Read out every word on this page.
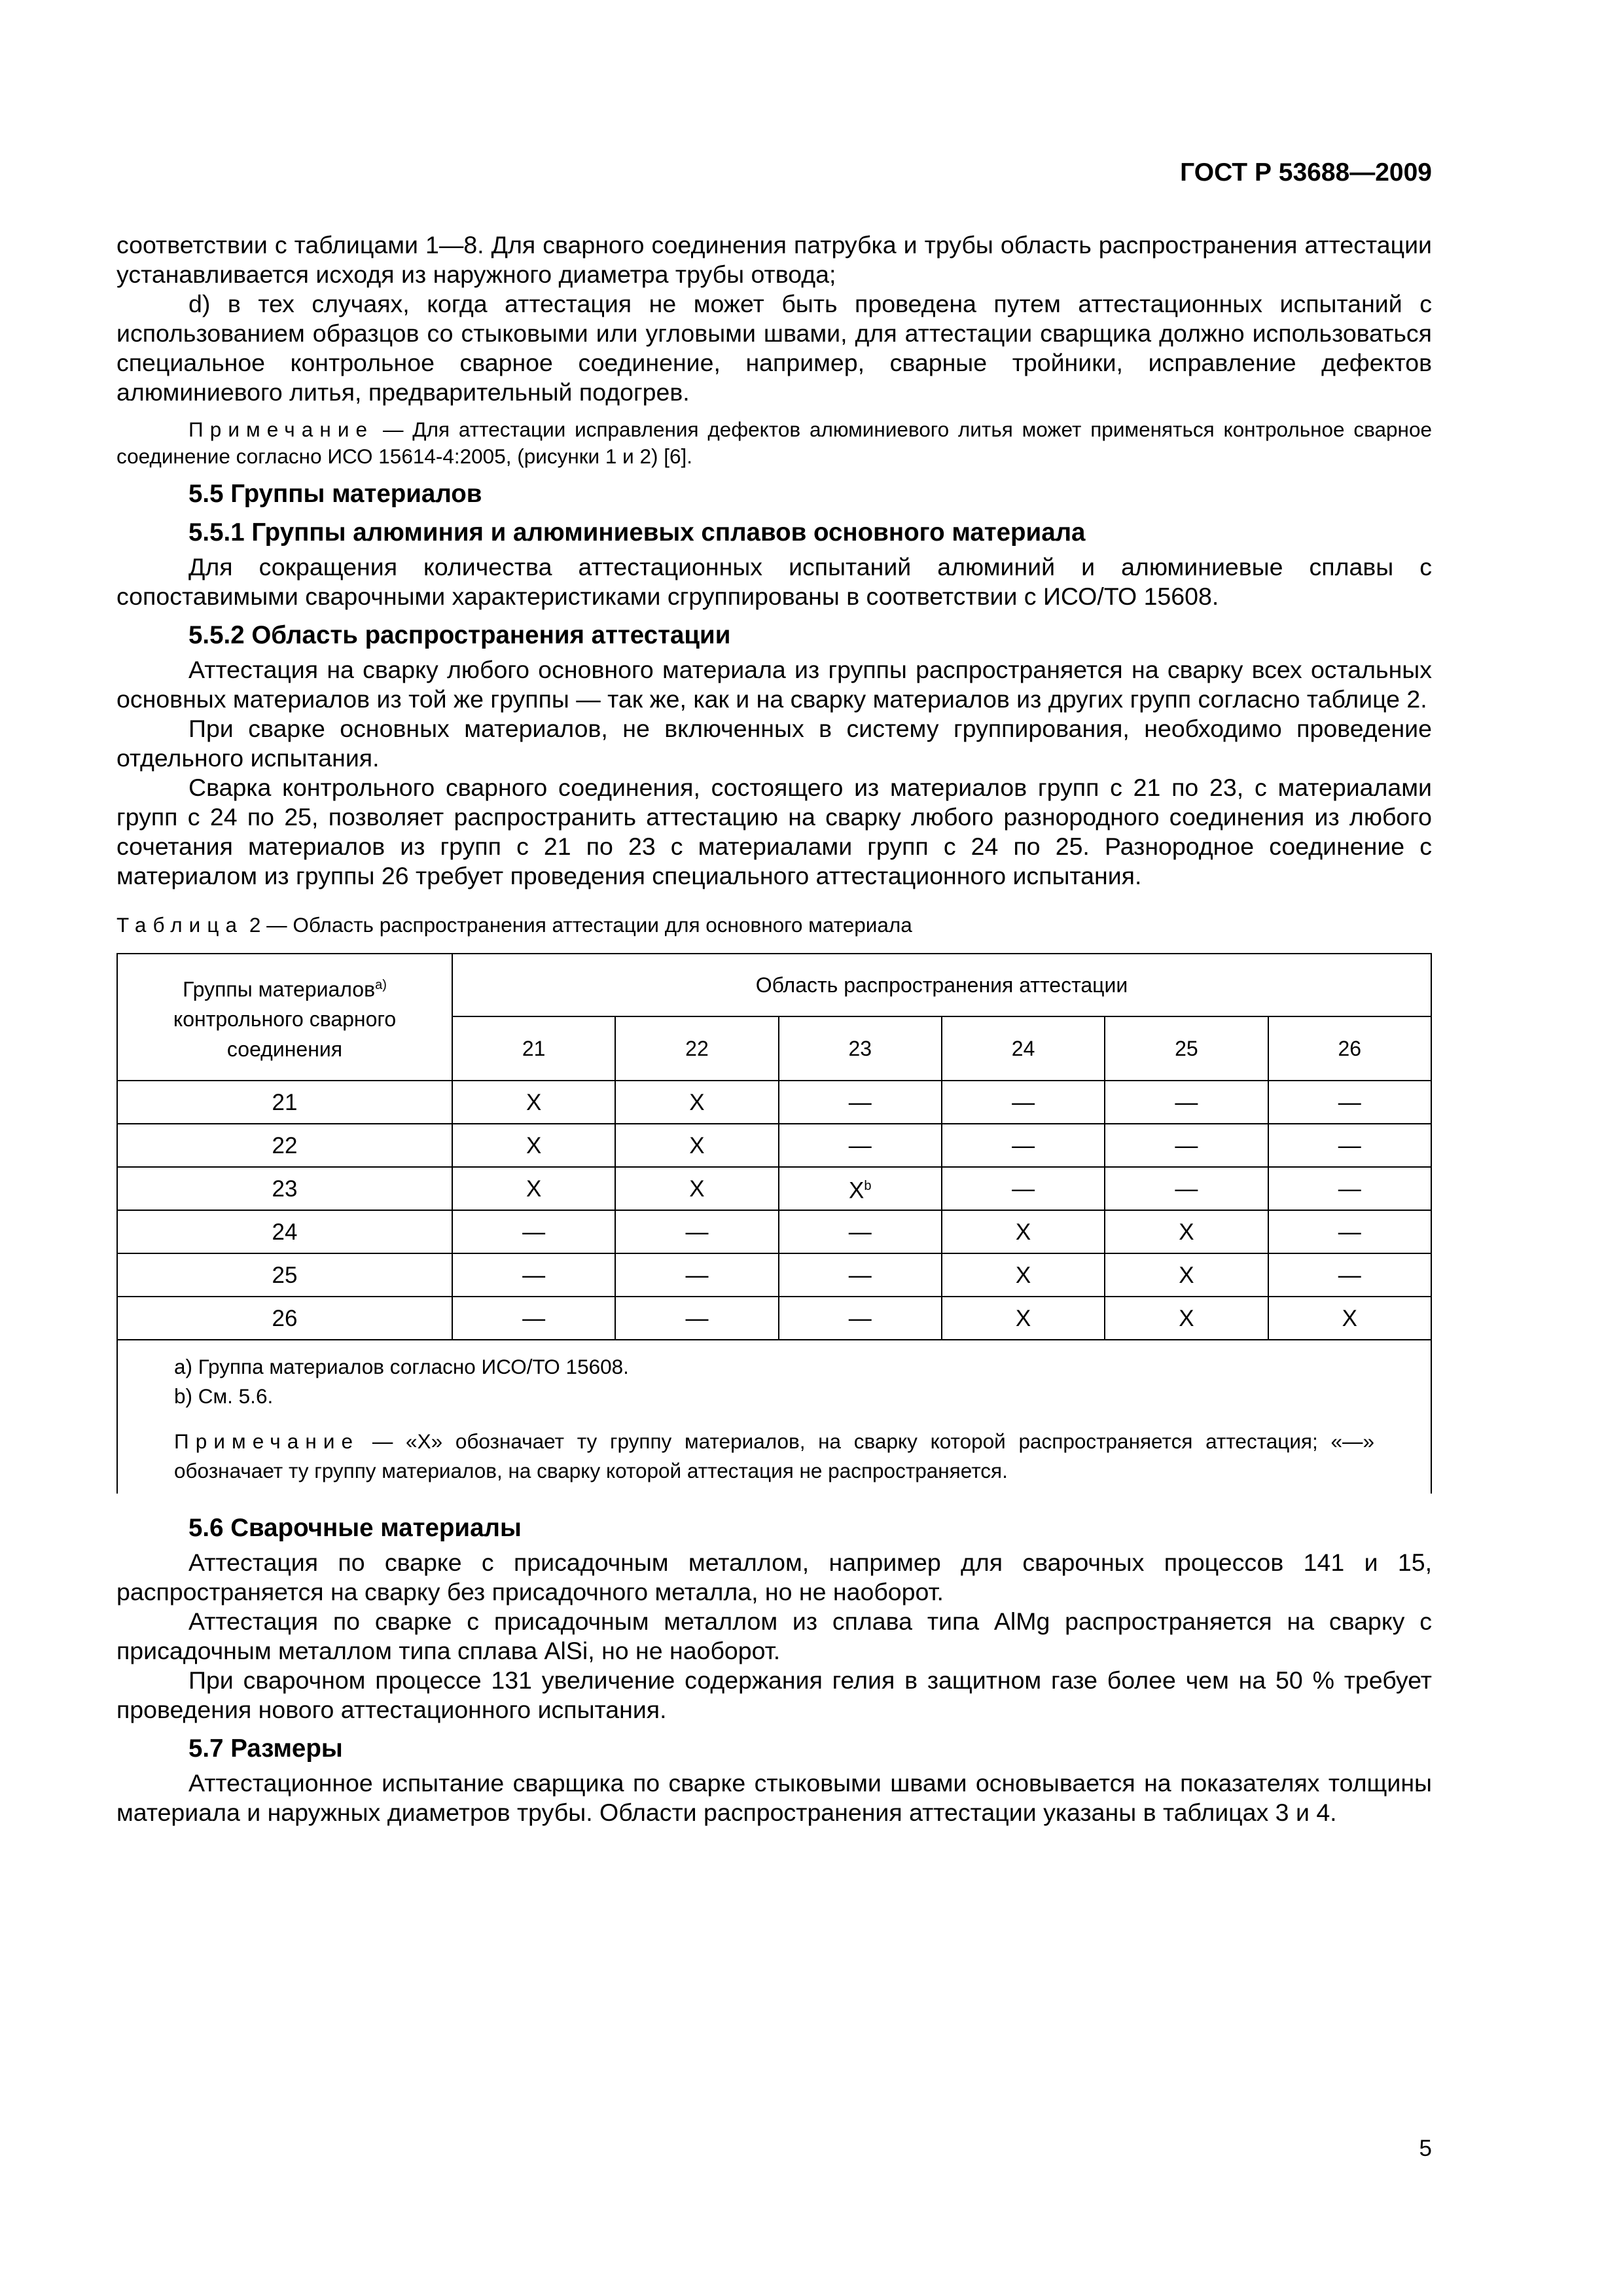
ГОСТ Р 53688—2009

соответствии с таблицами 1—8. Для сварного соединения патрубка и трубы область распространения аттестации устанавливается исходя из наружного диаметра трубы отвода;

d) в тех случаях, когда аттестация не может быть проведена путем аттестационных испытаний с использованием образцов со стыковыми или угловыми швами, для аттестации сварщика должно использоваться специальное контрольное сварное соединение, например, сварные тройники, исправление дефектов алюминиевого литья, предварительный подогрев.

Примечание — Для аттестации исправления дефектов алюминиевого литья может применяться контрольное сварное соединение согласно ИСО 15614-4:2005, (рисунки 1 и 2) [6].

5.5 Группы материалов

5.5.1 Группы алюминия и алюминиевых сплавов основного материала

Для сокращения количества аттестационных испытаний алюминий и алюминиевые сплавы с сопоставимыми сварочными характеристиками сгруппированы в соответствии с ИСО/ТО 15608.

5.5.2 Область распространения аттестации

Аттестация на сварку любого основного материала из группы распространяется на сварку всех остальных основных материалов из той же группы — так же, как и на сварку материалов из других групп согласно таблице 2.

При сварке основных материалов, не включенных в систему группирования, необходимо проведение отдельного испытания.

Сварка контрольного сварного соединения, состоящего из материалов групп с 21 по 23, с материалами групп с 24 по 25, позволяет распространить аттестацию на сварку любого разнородного соединения из любого сочетания материалов из групп с 21 по 23 с материалами групп с 24 по 25. Разнородное соединение с материалом из группы 26 требует проведения специального аттестационного испытания.

Таблица 2 — Область распространения аттестации для основного материала

Группы материалов$^{a)}$
контрольного сварного соединения	Область распространения аттестации					
	21	22	23	24	25	26
21	X	X	—	—	—	—
22	X	X	—	—	—	—
23	X	X	$X^b$	—	—	—
24	—	—	—	X	X	—
25	—	—	—	X	X	—
26	—	—	—	X	X	X

a) Группа материалов согласно ИСО/ТО 15608.
b) См. 5.6.
Примечание — «X» обозначает ту группу материалов, на сварку которой распространяется аттестация; «—» обозначает ту группу материалов, на сварку которой аттестация не распространяется.						

5.6 Сварочные материалы

Аттестация по сварке с присадочным металлом, например для сварочных процессов 141 и 15, распространяется на сварку без присадочного металла, но не наоборот.

Аттестация по сварке с присадочным металлом из сплава типа AlMg распространяется на сварку с присадочным металлом типа сплава AlSi, но не наоборот.

При сварочном процессе 131 увеличение содержания гелия в защитном газе более чем на 50 % требует проведения нового аттестационного испытания.

5.7 Размеры

Аттестационное испытание сварщика по сварке стыковыми швами основывается на показателях толщины материала и наружных диаметров трубы. Области распространения аттестации указаны в таблицах 3 и 4.

5
